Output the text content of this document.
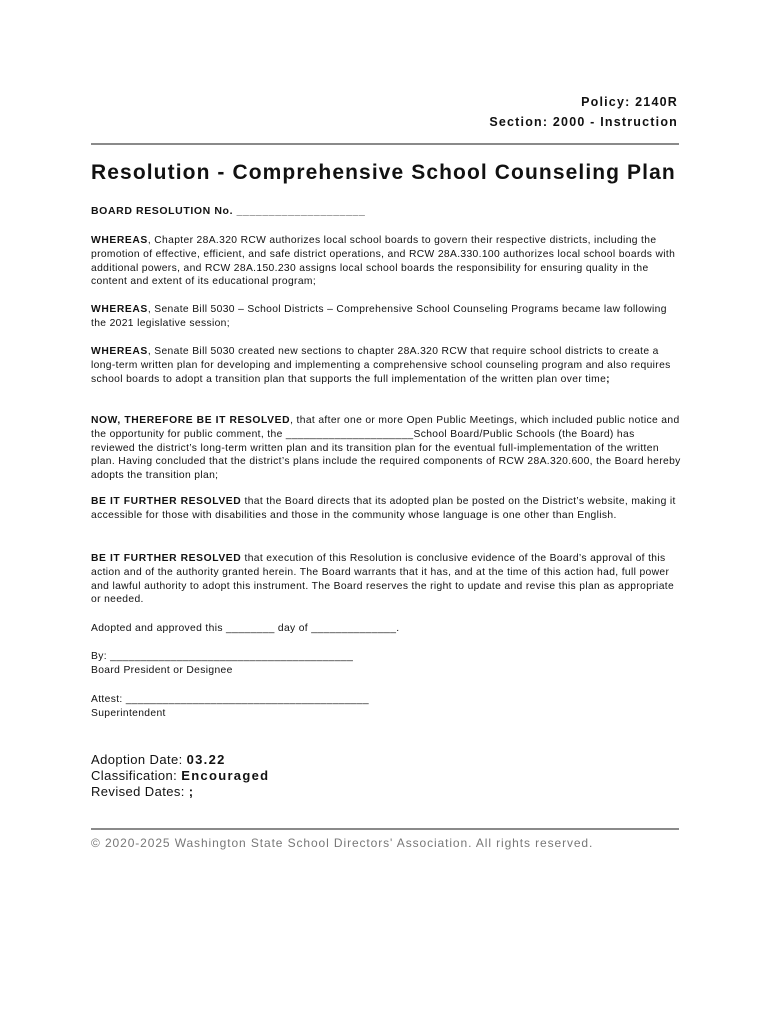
Policy: 2140R
Section: 2000 - Instruction
Resolution - Comprehensive School Counseling Plan
BOARD RESOLUTION No. ____________________

WHEREAS, Chapter 28A.320 RCW authorizes local school boards to govern their respective districts, including the promotion of effective, efficient, and safe district operations, and RCW 28A.330.100 authorizes local school boards with additional powers, and RCW 28A.150.230 assigns local school boards the responsibility for ensuring quality in the content and extent of its educational program;

WHEREAS, Senate Bill 5030 – School Districts – Comprehensive School Counseling Programs became law following the 2021 legislative session;

WHEREAS, Senate Bill 5030 created new sections to chapter 28A.320 RCW that require school districts to create a long-term written plan for developing and implementing a comprehensive school counseling program and also requires school boards to adopt a transition plan that supports the full implementation of the written plan over time;

NOW, THEREFORE BE IT RESOLVED, that after one or more Open Public Meetings, which included public notice and the opportunity for public comment, the _____________________School Board/Public Schools (the Board) has reviewed the district’s long-term written plan and its transition plan for the eventual full-implementation of the written plan. Having concluded that the district’s plans include the required components of RCW 28A.320.600, the Board hereby adopts the transition plan;

BE IT FURTHER RESOLVED that the Board directs that its adopted plan be posted on the District’s website, making it accessible for those with disabilities and those in the community whose language is one other than English.

BE IT FURTHER RESOLVED that execution of this Resolution is conclusive evidence of the Board’s approval of this action and of the authority granted herein. The Board warrants that it has, and at the time of this action had, full power and lawful authority to adopt this instrument. The Board reserves the right to update and revise this plan as appropriate or needed.

Adopted and approved this ________ day of ______________.
By: ________________________________________
Board President or Designee
Attest: ________________________________________
Superintendent
Adoption Date: 03.22
Classification: Encouraged
Revised Dates: ;
© 2020-2025 Washington State School Directors' Association. All rights reserved.
